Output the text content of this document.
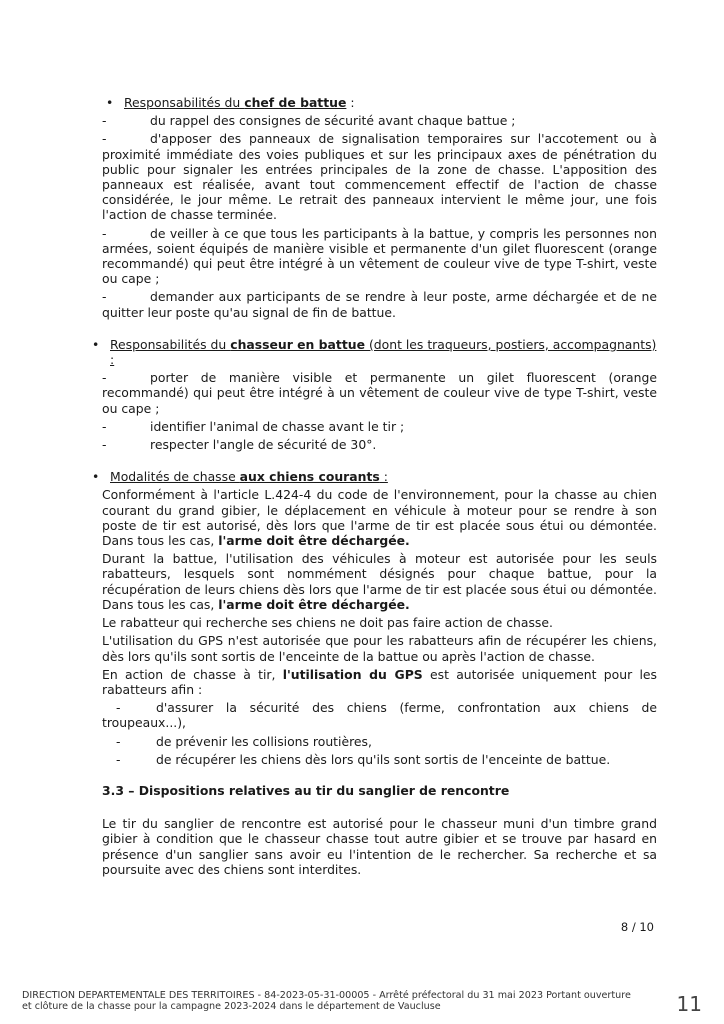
• Responsabilités du chef de battue :
-	du rappel des consignes de sécurité avant chaque battue ;
-	d'apposer des panneaux de signalisation temporaires sur l'accotement ou à proximité immédiate des voies publiques et sur les principaux axes de pénétration du public pour signaler les entrées principales de la zone de chasse. L'apposition des panneaux est réalisée, avant tout commencement effectif de l'action de chasse considérée, le jour même. Le retrait des panneaux intervient le même jour, une fois l'action de chasse terminée.
-	de veiller à ce que tous les participants à la battue, y compris les personnes non armées, soient équipés de manière visible et permanente d'un gilet fluorescent (orange recommandé) qui peut être intégré à un vêtement de couleur vive de type T-shirt, veste ou cape ;
-	demander aux participants de se rendre à leur poste, arme déchargée et de ne quitter leur poste qu'au signal de fin de battue.
• Responsabilités du chasseur en battue (dont les traqueurs, postiers, accompagnants) :
-	porter de manière visible et permanente un gilet fluorescent (orange recommandé) qui peut être intégré à un vêtement de couleur vive de type T-shirt, veste ou cape ;
-	identifier l'animal de chasse avant le tir ;
-	respecter l'angle de sécurité de 30°.
• Modalités de chasse aux chiens courants :

Conformément à l'article L.424-4 du code de l'environnement, pour la chasse au chien courant du grand gibier, le déplacement en véhicule à moteur pour se rendre à son poste de tir est autorisé, dès lors que l'arme de tir est placée sous étui ou démontée. Dans tous les cas, l'arme doit être déchargée.

Durant la battue, l'utilisation des véhicules à moteur est autorisée pour les seuls rabatteurs, lesquels sont nommément désignés pour chaque battue, pour la récupération de leurs chiens dès lors que l'arme de tir est placée sous étui ou démontée. Dans tous les cas, l'arme doit être déchargée.

Le rabatteur qui recherche ses chiens ne doit pas faire action de chasse.

L'utilisation du GPS n'est autorisée que pour les rabatteurs afin de récupérer les chiens, dès lors qu'ils sont sortis de l'enceinte de la battue ou après l'action de chasse.

En action de chasse à tir, l'utilisation du GPS est autorisée uniquement pour les rabatteurs afin :

-	d'assurer la sécurité des chiens (ferme, confrontation aux chiens de troupeaux...),
-	de prévenir les collisions routières,
-	de récupérer les chiens dès lors qu'ils sont sortis de l'enceinte de battue.
3.3 – Dispositions relatives au tir du sanglier de rencontre

Le tir du sanglier de rencontre est autorisé pour le chasseur muni d'un timbre grand gibier à condition que le chasseur chasse tout autre gibier et se trouve par hasard en présence d'un sanglier sans avoir eu l'intention de le rechercher. Sa recherche et sa poursuite avec des chiens sont interdites.

8 / 10
DIRECTION DEPARTEMENTALE DES TERRITOIRES - 84-2023-05-31-00005 - Arrêté préfectoral du 31 mai 2023 Portant ouverture et clôture de la chasse pour la campagne 2023-2024 dans le département de Vaucluse	11
